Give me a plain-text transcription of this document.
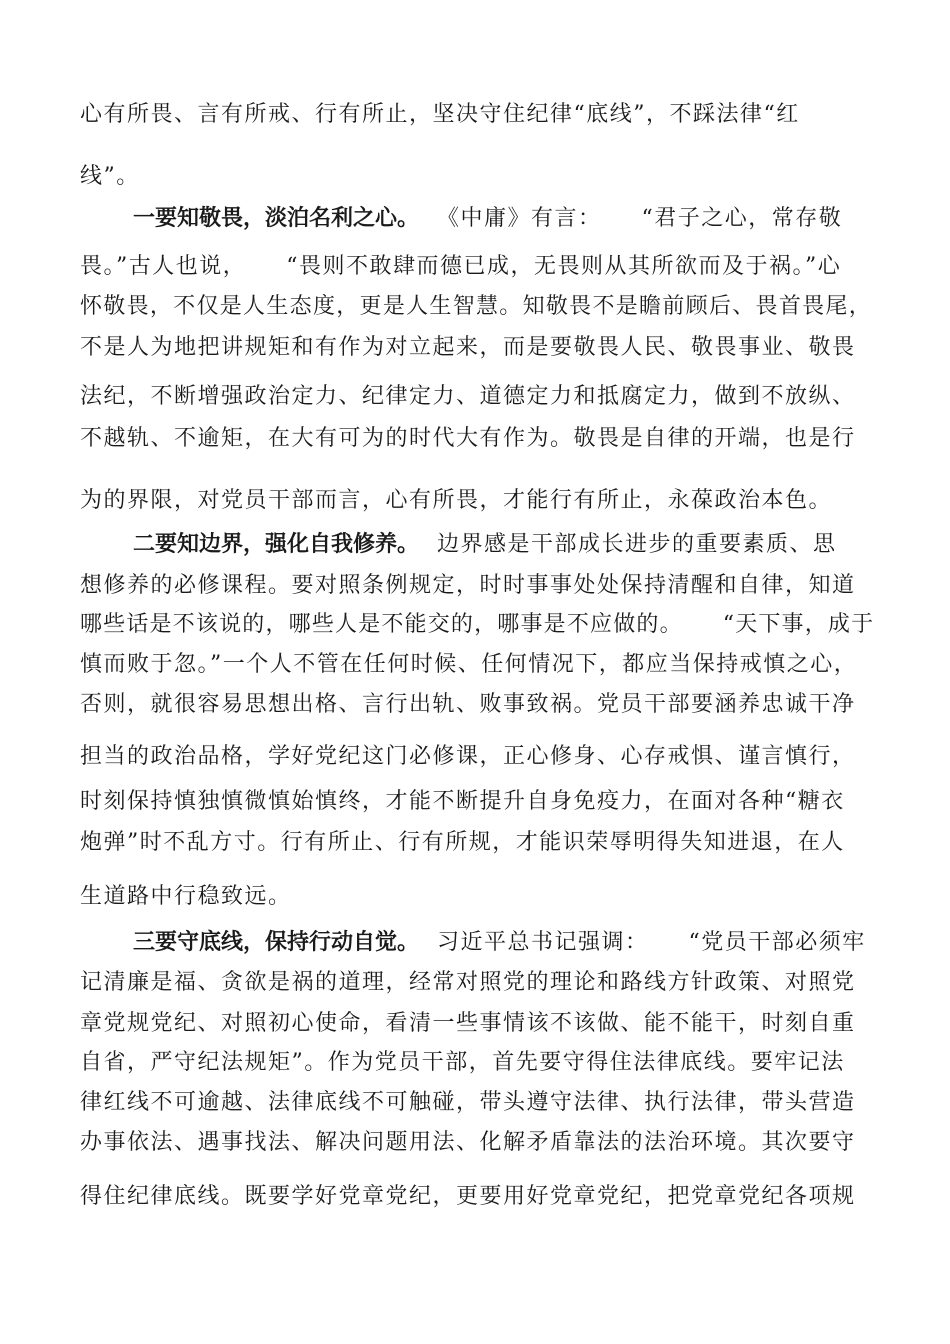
心有所畏、言有所戒、行有所止，坚决守住纪律“底线”，不踩法律“红
线”。
一要知敬畏，淡泊名利之心。 《中庸》有言： “君子之心，常存敬
畏。”古人也说， “畏则不敢肆而德已成，无畏则从其所欲而及于祸。”心
怀敬畏，不仅是人生态度，更是人生智慧。知敬畏不是瞻前顾后、畏首畏尾，
不是人为地把讲规矩和有作为对立起来，而是要敬畏人民、敬畏事业、敬畏
法纪，不断增强政治定力、纪律定力、道德定力和抵腐定力，做到不放纵、
不越轨、不逾矩，在大有可为的时代大有作为。敬畏是自律的开端，也是行
为的界限，对党员干部而言，心有所畏，才能行有所止，永葆政治本色。
二要知边界，强化自我修养。 边界感是干部成长进步的重要素质、思
想修养的必修课程。要对照条例规定，时时事事处处保持清醒和自律，知道
哪些话是不该说的，哪些人是不能交的，哪事是不应做的。 “天下事，成于
慎而败于忽。”一个人不管在任何时候、任何情况下，都应当保持戒慎之心，
否则，就很容易思想出格、言行出轨、败事致祸。党员干部要涵养忠诚干净
担当的政治品格，学好党纪这门必修课，正心修身、心存戒惧、谨言慎行，
时刻保持慎独慎微慎始慎终，才能不断提升自身免疫力，在面对各种“糖衣
炮弹”时不乱方寸。行有所止、行有所规，才能识荣辱明得失知进退，在人
生道路中行稳致远。
三要守底线，保持行动自觉。 习近平总书记强调： “党员干部必须牢
记清廉是福、贪欲是祸的道理，经常对照党的理论和路线方针政策、对照党
章党规党纪、对照初心使命，看清一些事情该不该做、能不能干，时刻自重
自省，严守纪法规矩”。作为党员干部，首先要守得住法律底线。要牢记法
律红线不可逾越、法律底线不可触碰，带头遵守法律、执行法律，带头营造
办事依法、遇事找法、解决问题用法、化解矛盾靠法的法治环境。其次要守
得住纪律底线。既要学好党章党纪，更要用好党章党纪，把党章党纪各项规
